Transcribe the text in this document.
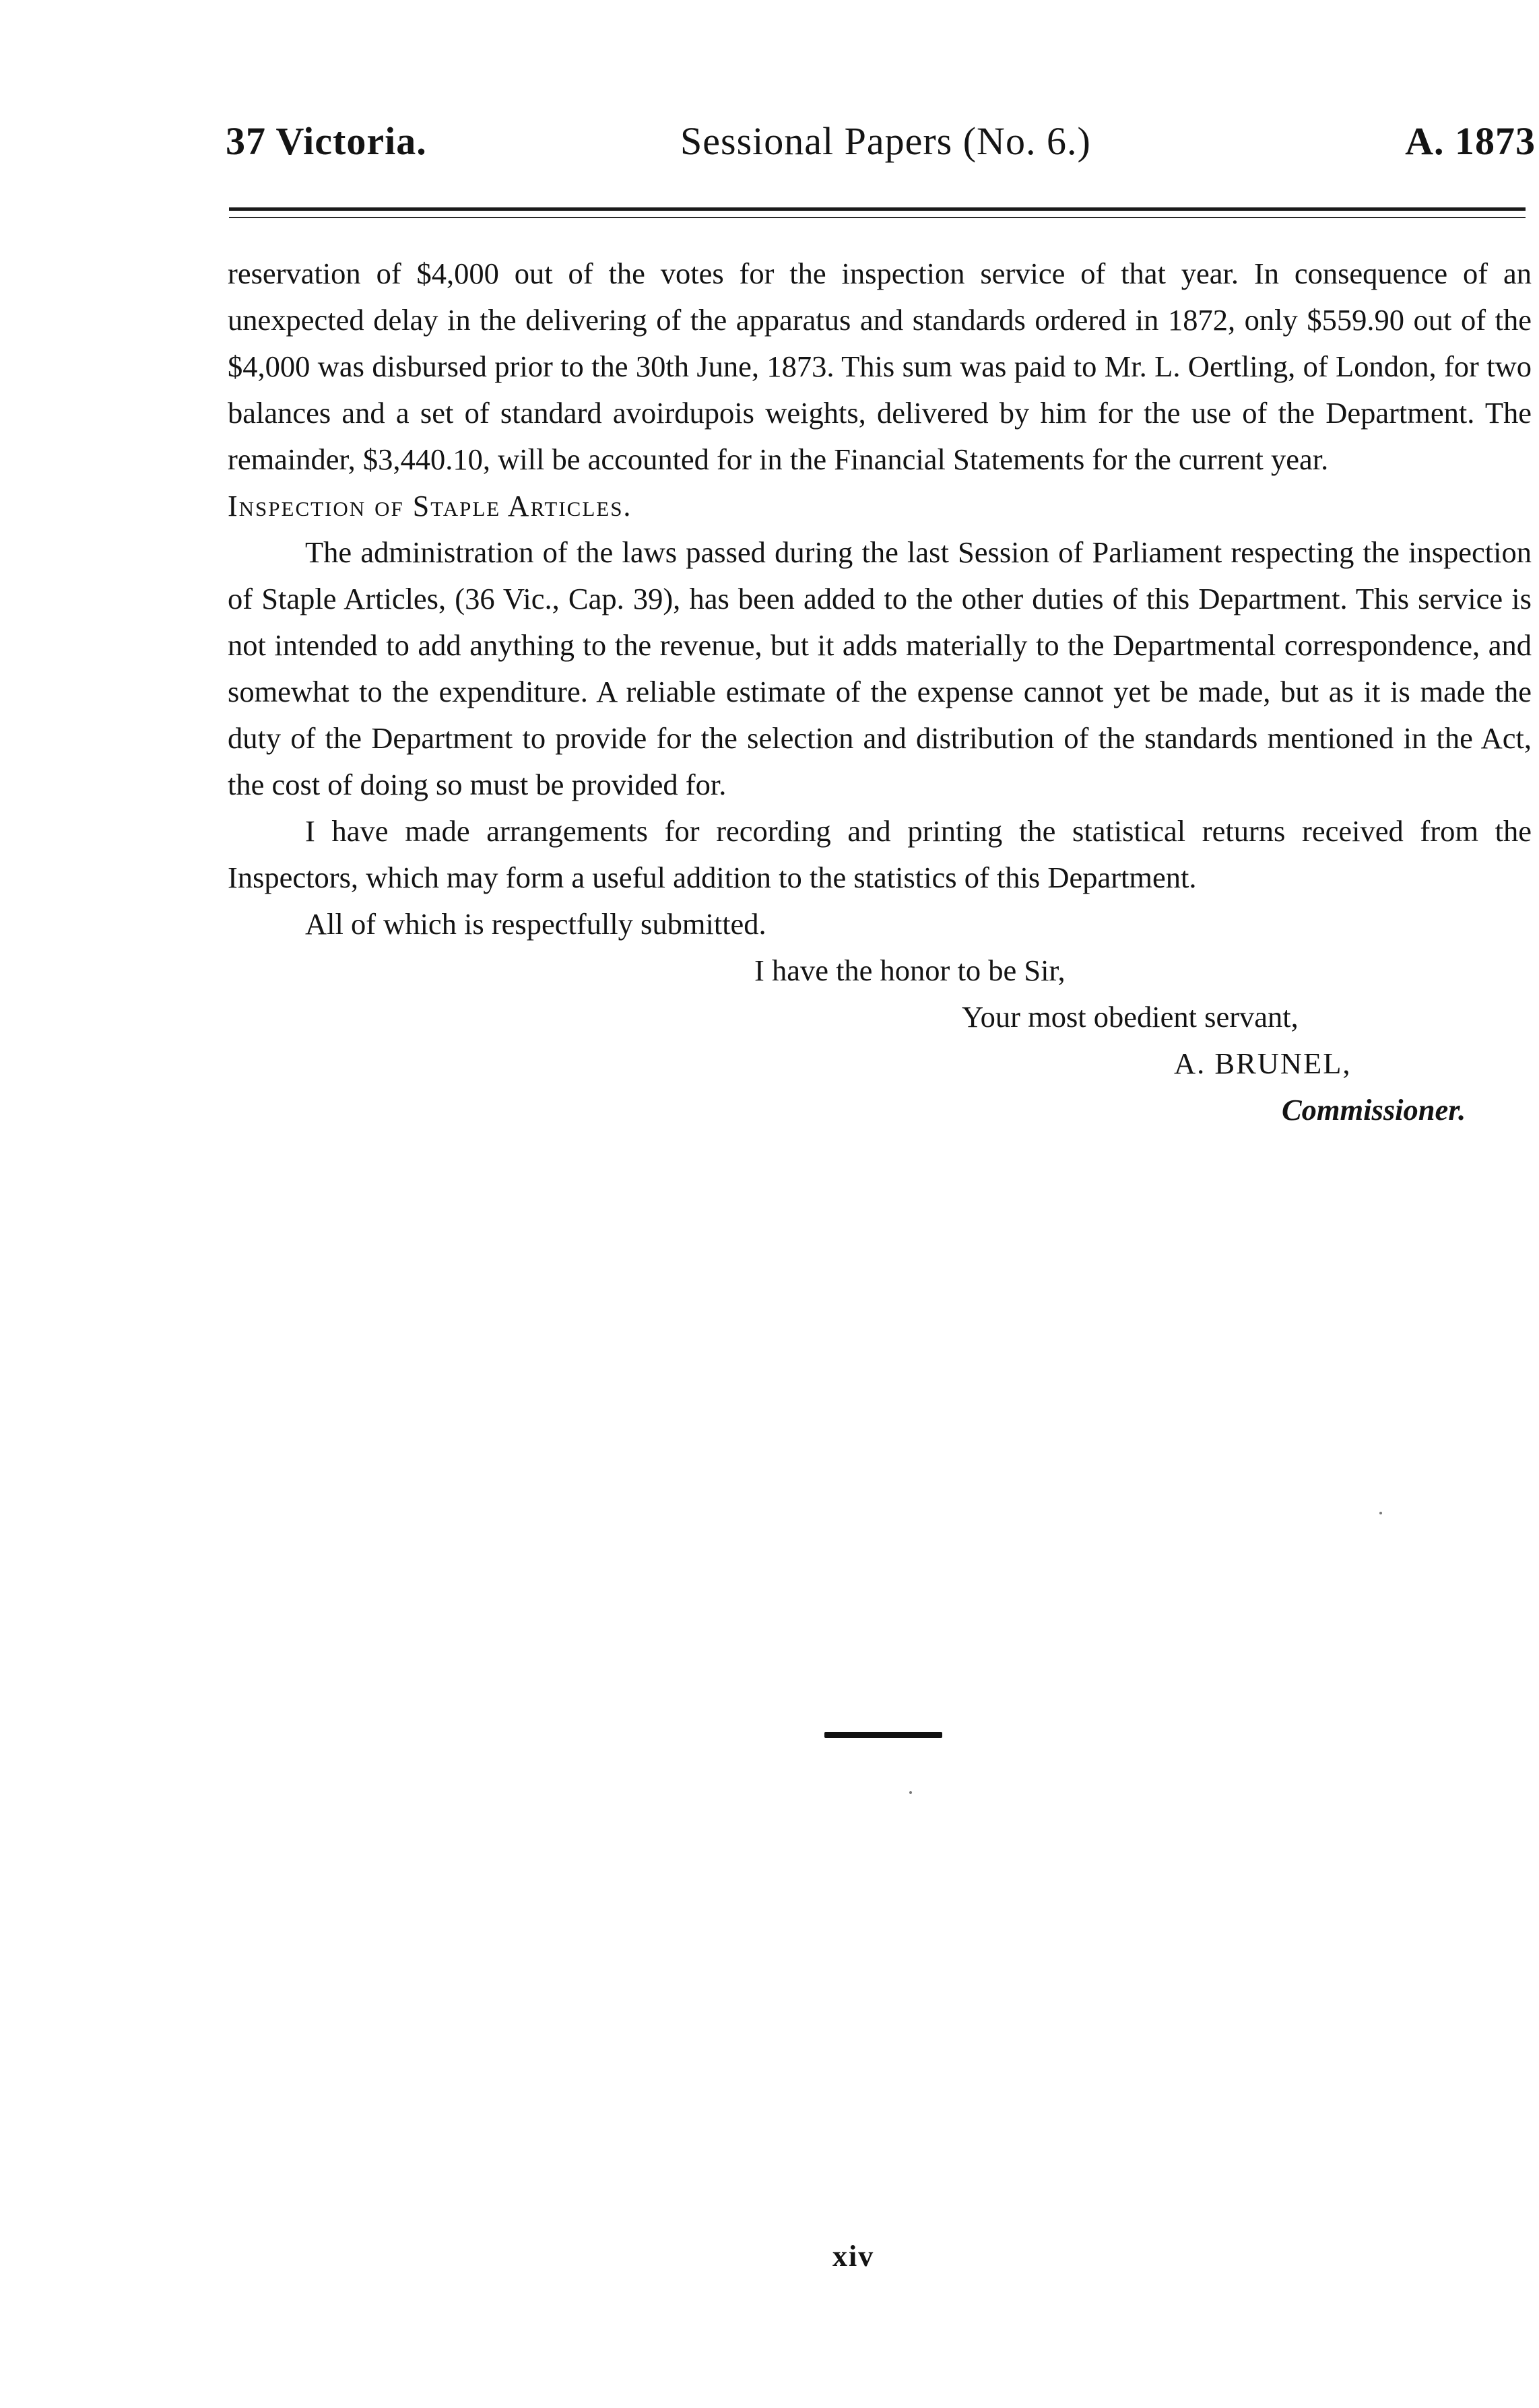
37 Victoria.	Sessional Papers (No. 6.)	A. 1873

reservation of $4,000 out of the votes for the inspection service of that year. In consequence of an unexpected delay in the delivering of the apparatus and standards ordered in 1872, only $559.90 out of the $4,000 was disbursed prior to the 30th June, 1873. This sum was paid to Mr. L. Oertling, of London, for two balances and a set of standard avoirdupois weights, delivered by him for the use of the Department. The remainder, $3,440.10, will be accounted for in the Financial Statements for the current year.

Inspection of Staple Articles.

The administration of the laws passed during the last Session of Parliament respecting the inspection of Staple Articles, (36 Vic., Cap. 39), has been added to the other duties of this Department. This service is not intended to add anything to the revenue, but it adds materially to the Departmental correspondence, and somewhat to the expenditure. A reliable estimate of the expense cannot yet be made, but as it is made the duty of the Department to provide for the selection and distribution of the standards mentioned in the Act, the cost of doing so must be provided for.

I have made arrangements for recording and printing the statistical returns received from the Inspectors, which may form a useful addition to the statistics of this Department.

All of which is respectfully submitted.

I have the honor to be Sir,

Your most obedient servant,

A. BRUNEL,

Commissioner.

xiv
